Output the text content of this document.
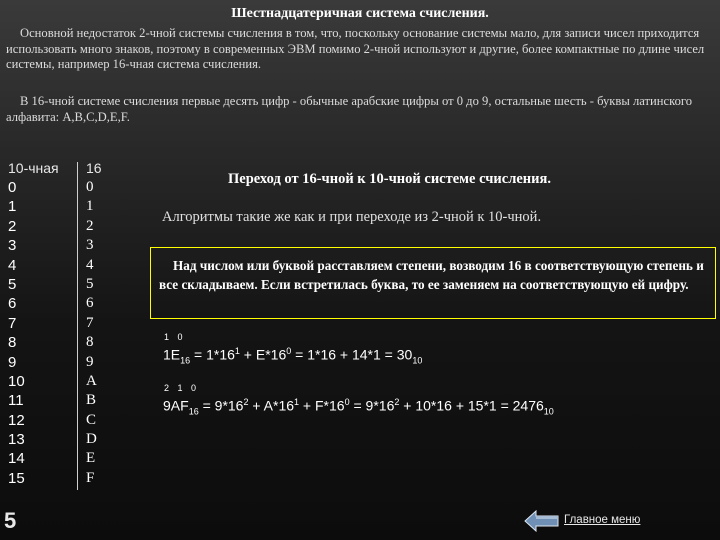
Шестнадцатеричная система счисления.

Основной недостаток 2-чной системы счисления в том, что, поскольку основание системы мало, для записи чисел приходится использовать много знаков, поэтому в современных ЭВМ помимо 2-чной используют и другие, более компактные по длине чисел системы, например 16-чная система счисления.

В 16-чной системе счисления первые десять цифр - обычные арабские цифры от 0 до 9, остальные шесть - буквы латинского алфавита: A,B,C,D,E,F.

10-чная
0
1
2
3
4
5
6
7
8
9
10
11
12
13
14
15
16
0
1
2
3
4
5
6
7
8
9
A
B
C
D
E
F
Переход от 16-чной к 10-чной системе счисления.

Алгоритмы такие же как и при переходе из 2-чной к 10-чной.

Над числом или буквой расставляем степени, возводим 16 в соответствующую степень и все складываем. Если встретилась буква, то ее заменяем на соответствующую ей цифру.
1 0
$1E_{16} = 1*16^1 + E*16^0 = 1*16 + 14*1 = 30_{10}$
2 1 0
$9AF_{16} = 9*16^2 + A*16^1 + F*16^0 = 9*16^2 + 10*16 + 15*1 = 2476_{10}$
5	Главное меню
